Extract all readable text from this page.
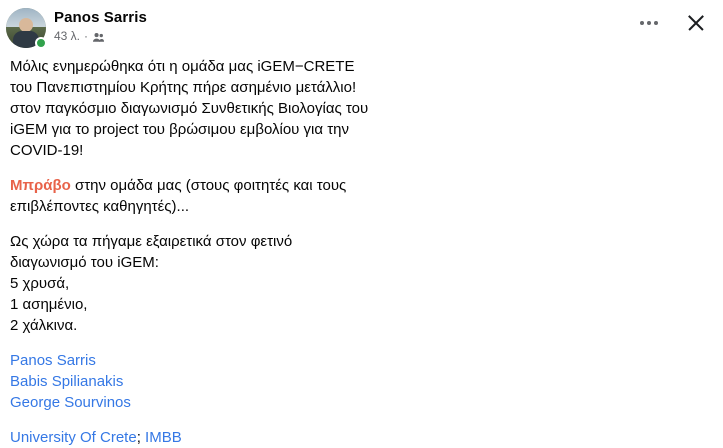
Panos Sarris
43 λ. ·

Μόλις ενημερώθηκα ότι η ομάδα μας iGEM−CRETE του Πανεπιστημίου Κρήτης πήρε ασημένιο μετάλλιο! στον παγκόσμιο διαγωνισμό Συνθετικής Βιολογίας του iGEM για το project του βρώσιμου εμβολίου για την COVID-19!

Μπράβο στην ομάδα μας (στους φοιτητές και τους επιβλέποντες καθηγητές)...

Ως χώρα τα πήγαμε εξαιρετικά στον φετινό διαγωνισμό του iGEM:

5 χρυσά,
1 ασημένιο,
2 χάλκινα.
Panos Sarris
Babis Spilianakis
George Sourvinos
University Of Crete; IMBB
